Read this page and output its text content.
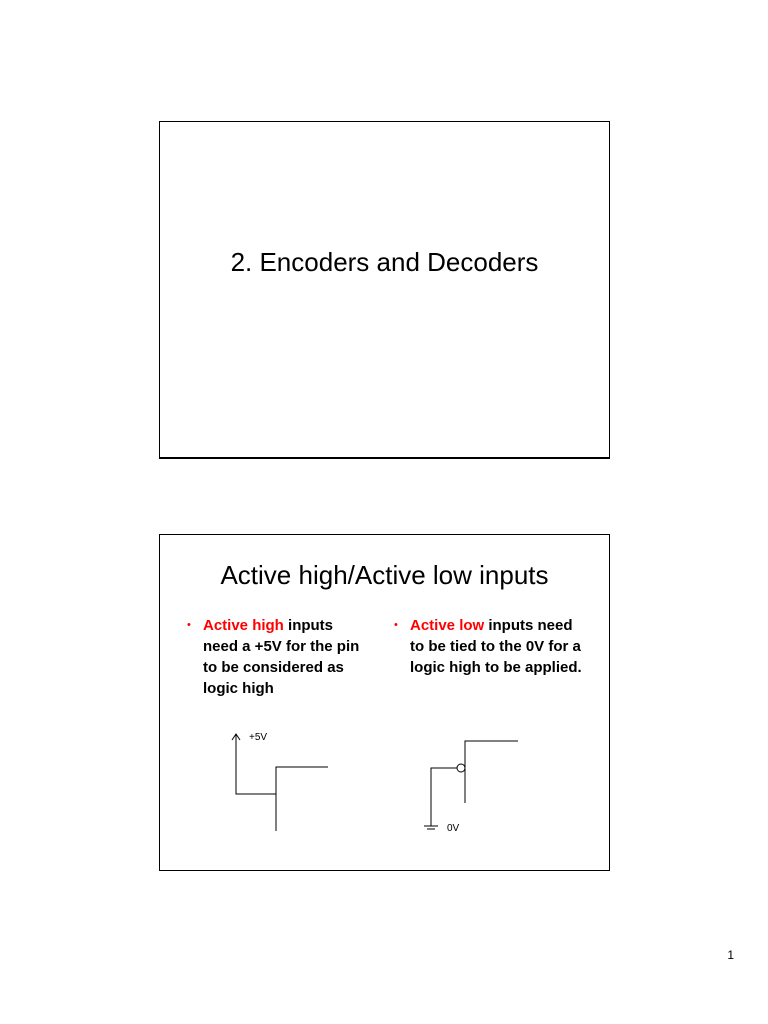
2. Encoders and Decoders
Active high/Active low inputs
• Active high inputs need a +5V for the pin to be considered as logic high
• Active low inputs need to be tied to the 0V for a logic high to be applied.
+5V
0V
1
